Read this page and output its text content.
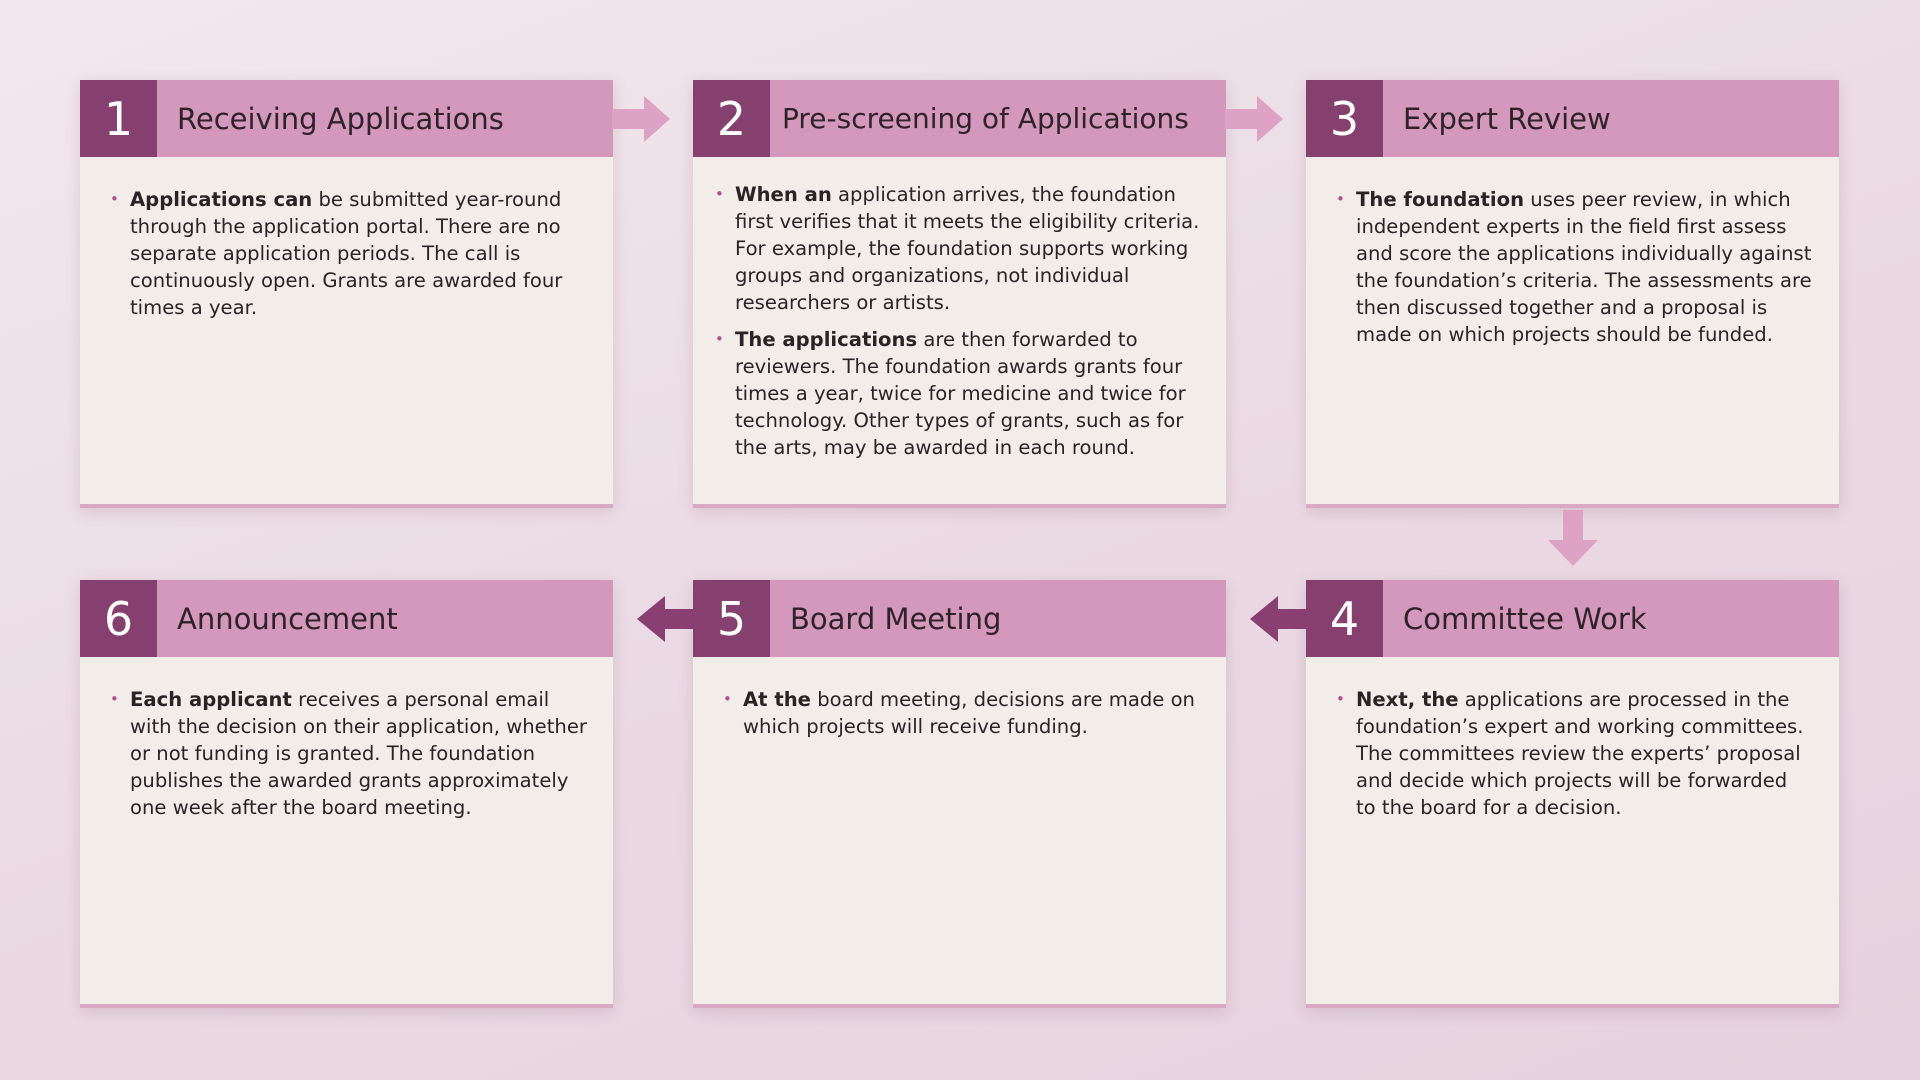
1	Receiving Applications
• Applications can be submitted year-round through the application portal. There are no separate application periods. The call is continuously open. Grants are awarded four times a year.
2	Pre-screening of Applications
• When an application arrives, the foundation first verifies that it meets the eligibility criteria. For example, the foundation supports working groups and organizations, not individual researchers or artists.
• The applications are then forwarded to reviewers. The foundation awards grants four times a year, twice for medicine and twice for technology. Other types of grants, such as for the arts, may be awarded in each round.
3	Expert Review
• The foundation uses peer review, in which independent experts in the field first assess and score the applications individually against the foundation’s criteria. The assessments are then discussed together and a proposal is made on which projects should be funded.
4	Committee Work
• Next, the applications are processed in the foundation’s expert and working committees. The committees review the experts’ proposal and decide which projects will be forwarded to the board for a decision.
5	Board Meeting
• At the board meeting, decisions are made on which projects will receive funding.
6	Announcement
• Each applicant receives a personal email with the decision on their application, whether or not funding is granted. The foundation publishes the awarded grants approximately one week after the board meeting.
